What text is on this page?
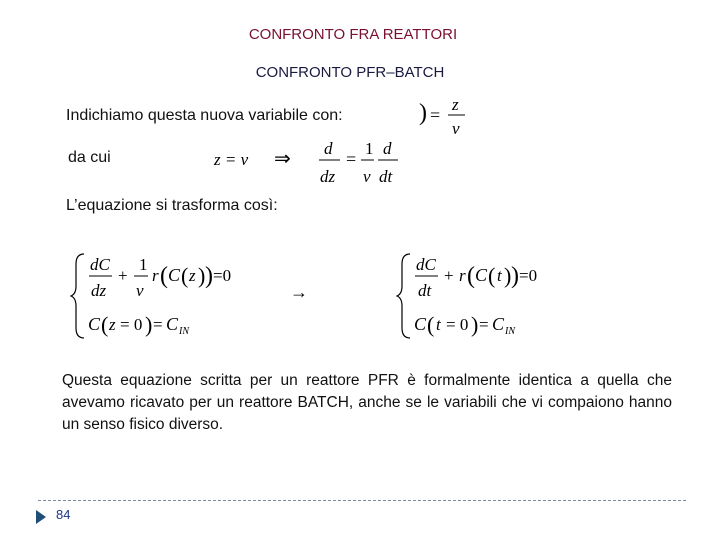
CONFRONTO FRA REATTORI
CONFRONTO PFR–BATCH
Indichiamo questa nuova variabile con:
da cui
L’equazione si trasforma così:
) =
z
v
z = v ⇒ d
dz
=
1
v
d
dt
dC
dz
+
1
v
r ( C ( z ) ) =0
C ( z = 0 ) = C IN
→
dC
dt
+ r ( C ( t ) ) =0
C ( t = 0 ) = C IN
Questa equazione scritta per un reattore PFR è formalmente identica a quella che avevamo ricavato per un reattore BATCH, anche se le variabili che vi compaiono hanno un senso fisico diverso.
84
